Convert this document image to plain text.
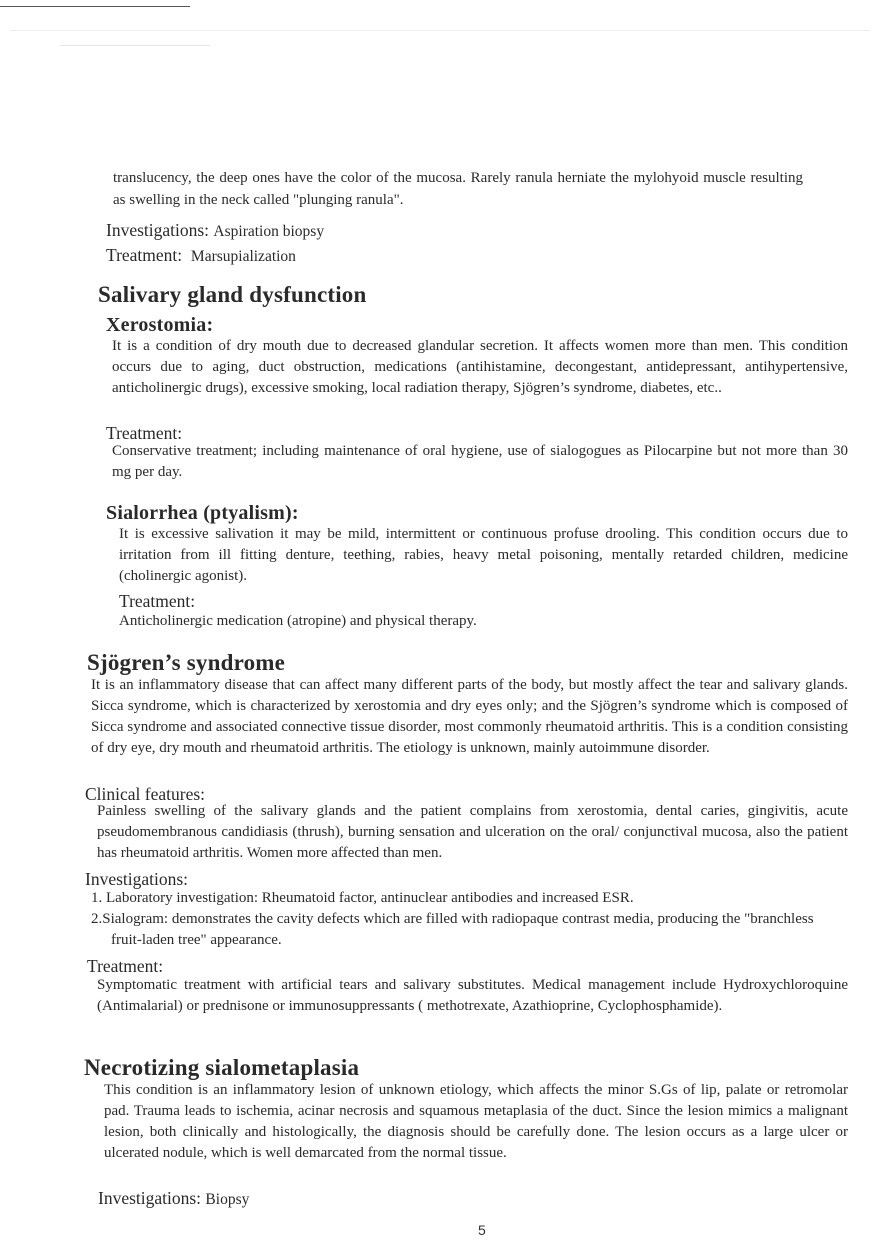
translucency, the deep ones have the color of the mucosa. Rarely ranula herniate the mylohyoid muscle resulting as swelling in the neck called "plunging ranula".

Investigations: Aspiration biopsy

Treatment: Marsupialization

Salivary gland dysfunction

Xerostomia:

It is a condition of dry mouth due to decreased glandular secretion. It affects women more than men. This condition occurs due to aging, duct obstruction, medications (antihistamine, decongestant, antidepressant, antihypertensive, anticholinergic drugs), excessive smoking, local radiation therapy, Sjögren’s syndrome, diabetes, etc..

Treatment:

Conservative treatment; including maintenance of oral hygiene, use of sialogogues as Pilocarpine but not more than 30 mg per day.

Sialorrhea (ptyalism):

It is excessive salivation it may be mild, intermittent or continuous profuse drooling. This condition occurs due to irritation from ill fitting denture, teething, rabies, heavy metal poisoning, mentally retarded children, medicine (cholinergic agonist).

Treatment:

Anticholinergic medication (atropine) and physical therapy.

Sjögren’s syndrome

It is an inflammatory disease that can affect many different parts of the body, but mostly affect the tear and salivary glands. Sicca syndrome, which is characterized by xerostomia and dry eyes only; and the Sjögren’s syndrome which is composed of Sicca syndrome and associated connective tissue disorder, most commonly rheumatoid arthritis. This is a condition consisting of dry eye, dry mouth and rheumatoid arthritis. The etiology is unknown, mainly autoimmune disorder.

Clinical features:

Painless swelling of the salivary glands and the patient complains from xerostomia, dental caries, gingivitis, acute pseudomembranous candidiasis (thrush), burning sensation and ulceration on the oral/ conjunctival mucosa, also the patient has rheumatoid arthritis. Women more affected than men.

Investigations:

1. Laboratory investigation: Rheumatoid factor, antinuclear antibodies and increased ESR.

2.Sialogram: demonstrates the cavity defects which are filled with radiopaque contrast media, producing the "branchless fruit-laden tree" appearance.

Treatment:

Symptomatic treatment with artificial tears and salivary substitutes. Medical management include Hydroxychloroquine (Antimalarial) or prednisone or immunosuppressants ( methotrexate, Azathioprine, Cyclophosphamide).

Necrotizing sialometaplasia

This condition is an inflammatory lesion of unknown etiology, which affects the minor S.Gs of lip, palate or retromolar pad. Trauma leads to ischemia, acinar necrosis and squamous metaplasia of the duct. Since the lesion mimics a malignant lesion, both clinically and histologically, the diagnosis should be carefully done. The lesion occurs as a large ulcer or ulcerated nodule, which is well demarcated from the normal tissue.

Investigations: Biopsy

5
